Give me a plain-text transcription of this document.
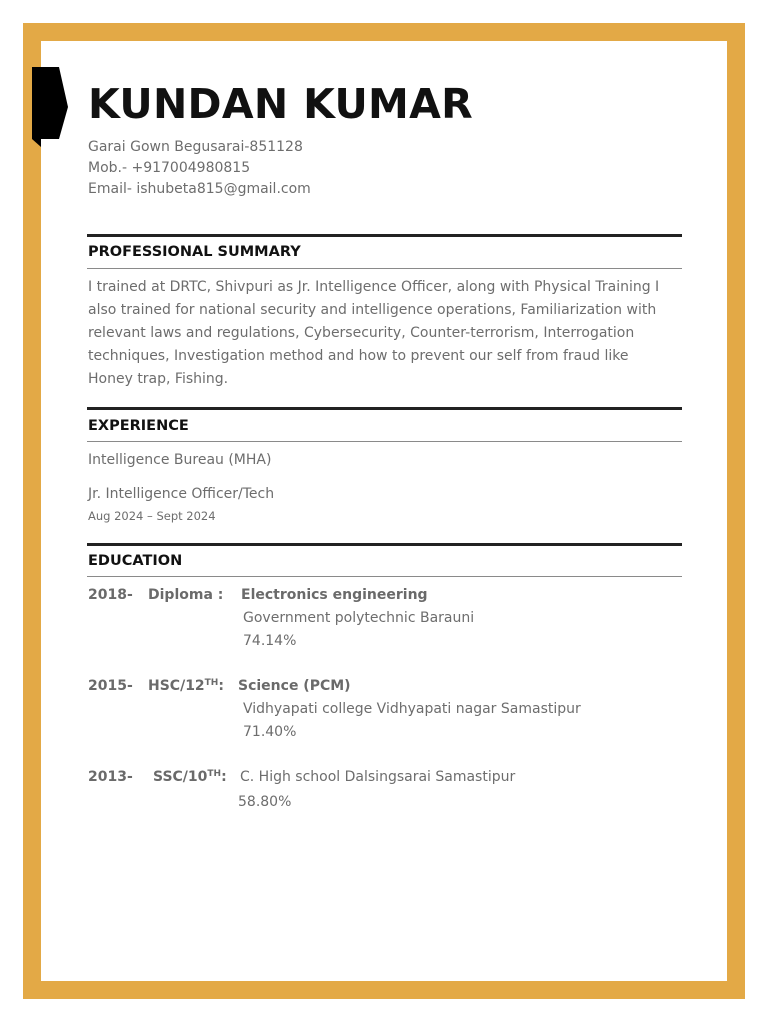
KUNDAN KUMAR
Garai Gown Begusarai-851128
Mob.- +917004980815
Email- ishubeta815@gmail.com
PROFESSIONAL SUMMARY

I trained at DRTC, Shivpuri as Jr. Intelligence Officer, along with Physical Training I also trained for national security and intelligence operations, Familiarization with relevant laws and regulations, Cybersecurity, Counter-terrorism, Interrogation techniques, Investigation method and how to prevent our self from fraud like Honey trap, Fishing.

EXPERIENCE
Intelligence Bureau (MHA)
Jr. Intelligence Officer/Tech
Aug 2024 – Sept 2024
EDUCATION
2018- Diploma : Electronics engineering
Government polytechnic Barauni
74.14%
2015- HSC/12TH: Science (PCM)
Vidhyapati college Vidhyapati nagar Samastipur
71.40%
2013- SSC/10TH: C. High school Dalsingsarai Samastipur
58.80%
